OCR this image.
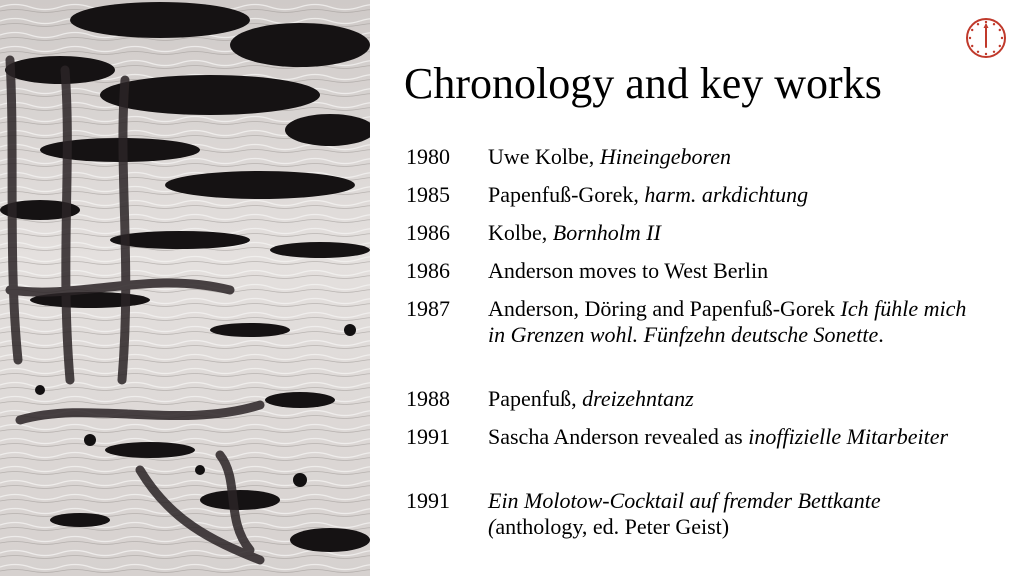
Chronology and key works
1980	Uwe Kolbe, Hineingeboren
1985	Papenfuß-Gorek, harm. arkdichtung
1986	Kolbe, Bornholm II
1986	Anderson moves to West Berlin
1987	Anderson, Döring and Papenfuß-Gorek Ich fühle mich in Grenzen wohl. Fünfzehn deutsche Sonette.
1988	Papenfuß, dreizehntanz
1991	Sascha Anderson revealed as inoffizielle Mitarbeiter
1991	Ein Molotow-Cocktail auf fremder Bettkante (anthology, ed. Peter Geist)
